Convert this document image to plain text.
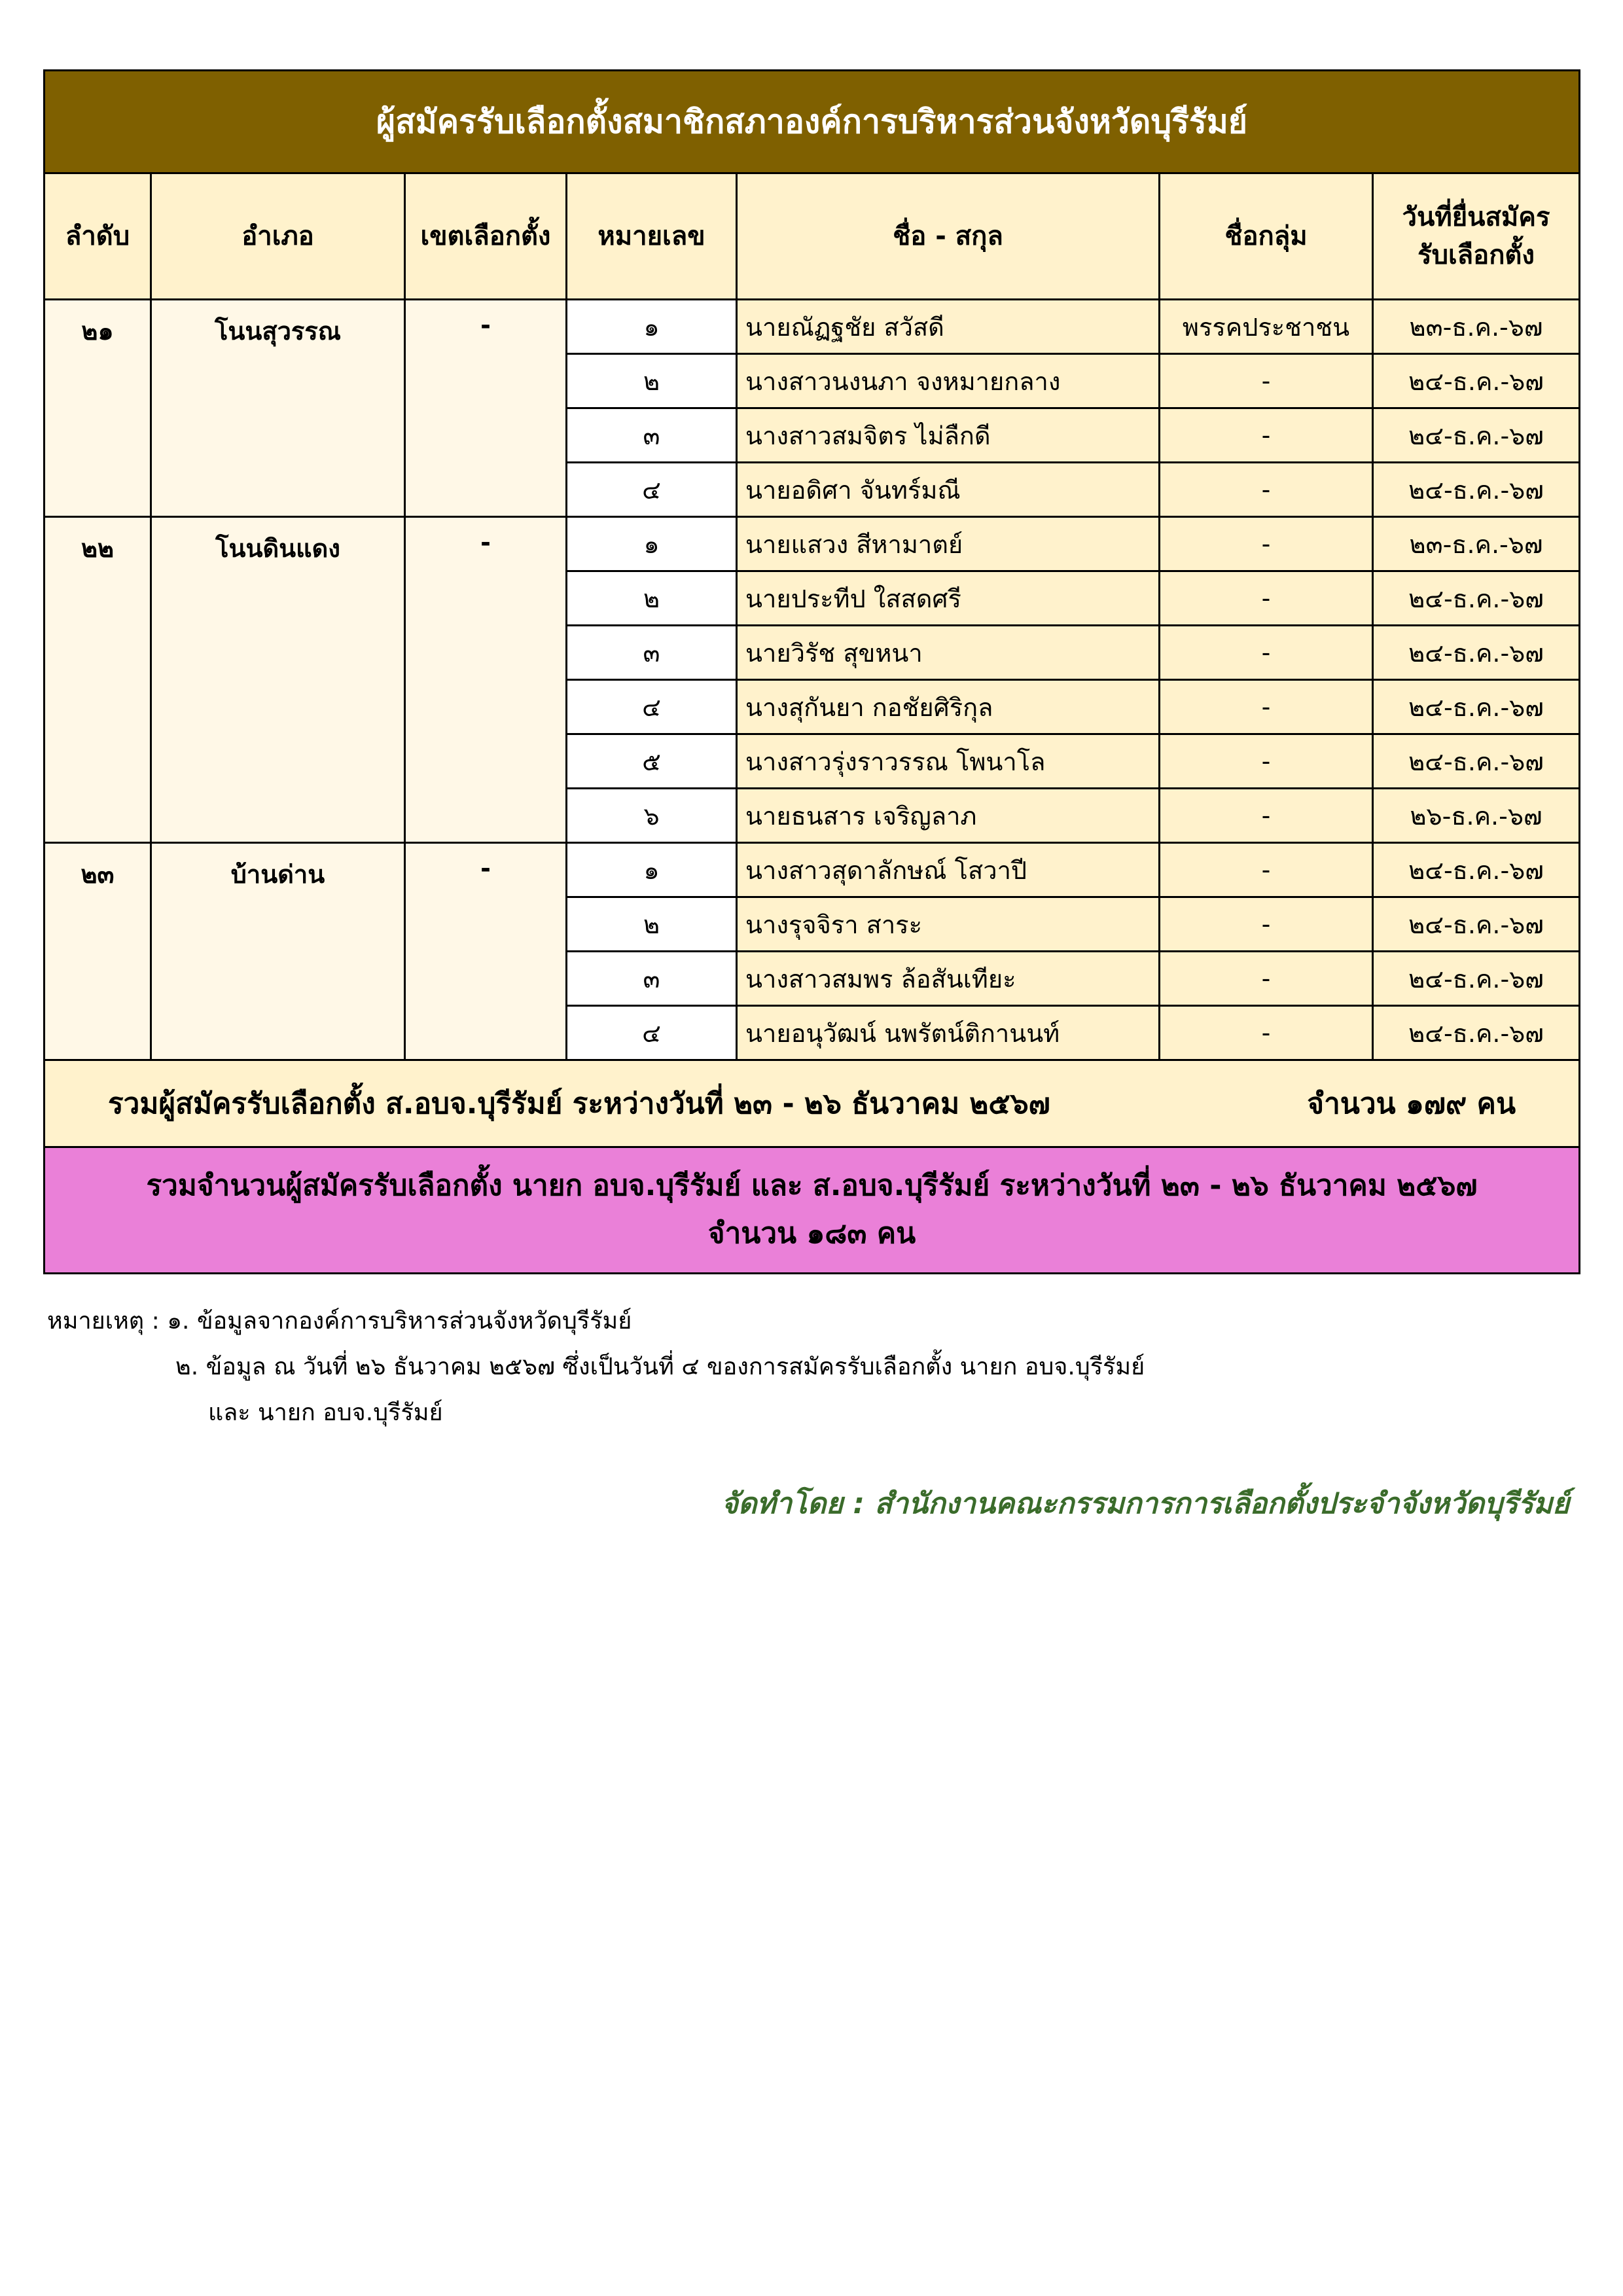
ผู้สมัครรับเลือกตั้งสมาชิกสภาองค์การบริหารส่วนจังหวัดบุรีรัมย์						
ลำดับ	อำเภอ	เขตเลือกตั้ง	หมายเลข	ชื่อ - สกุล	ชื่อกลุ่ม	วันที่ยื่นสมัคร
รับเลือกตั้ง

๒๑	โนนสุวรรณ	-	๑	นายณัฏฐชัย สวัสดี	พรรคประชาชน	๒๓-ธ.ค.-๖๗
			๒	นางสาวนงนภา จงหมายกลาง	-	๒๔-ธ.ค.-๖๗
			๓	นางสาวสมจิตร ไม่ลืกดี	-	๒๔-ธ.ค.-๖๗
			๔	นายอดิศา จันทร์มณี	-	๒๔-ธ.ค.-๖๗
๒๒	โนนดินแดง	-	๑	นายแสวง สีหามาตย์	-	๒๓-ธ.ค.-๖๗
			๒	นายประทีป ใสสดศรี	-	๒๔-ธ.ค.-๖๗
			๓	นายวิรัช สุขหนา	-	๒๔-ธ.ค.-๖๗
			๔	นางสุกันยา กอชัยศิริกุล	-	๒๔-ธ.ค.-๖๗
			๕	นางสาวรุ่งราวรรณ โพนาโล	-	๒๔-ธ.ค.-๖๗
			๖	นายธนสาร เจริญลาภ	-	๒๖-ธ.ค.-๖๗
๒๓	บ้านด่าน	-	๑	นางสาวสุดาลักษณ์ โสวาปี	-	๒๔-ธ.ค.-๖๗
			๒	นางรุจจิรา สาระ	-	๒๔-ธ.ค.-๖๗
			๓	นางสาวสมพร ล้อสันเทียะ	-	๒๔-ธ.ค.-๖๗
			๔	นายอนุวัฒน์ นพรัตน์ติกานนท์	-	๒๔-ธ.ค.-๖๗

รวมผู้สมัครรับเลือกตั้ง ส.อบจ.บุรีรัมย์ ระหว่างวันที่ ๒๓ - ๒๖ ธันวาคม ๒๕๖๗ จำนวน ๑๗๙ คน						

รวมจำนวนผู้สมัครรับเลือกตั้ง นายก อบจ.บุรีรัมย์ และ ส.อบจ.บุรีรัมย์ ระหว่างวันที่ ๒๓ - ๒๖ ธันวาคม ๒๕๖๗
จำนวน ๑๘๓ คน						
หมายเหตุ : ๑. ข้อมูลจากองค์การบริหารส่วนจังหวัดบุรีรัมย์
๒. ข้อมูล ณ วันที่ ๒๖ ธันวาคม ๒๕๖๗ ซึ่งเป็นวันที่ ๔ ของการสมัครรับเลือกตั้ง นายก อบจ.บุรีรัมย์
และ นายก อบจ.บุรีรัมย์
จัดทำโดย : สำนักงานคณะกรรมการการเลือกตั้งประจำจังหวัดบุรีรัมย์
